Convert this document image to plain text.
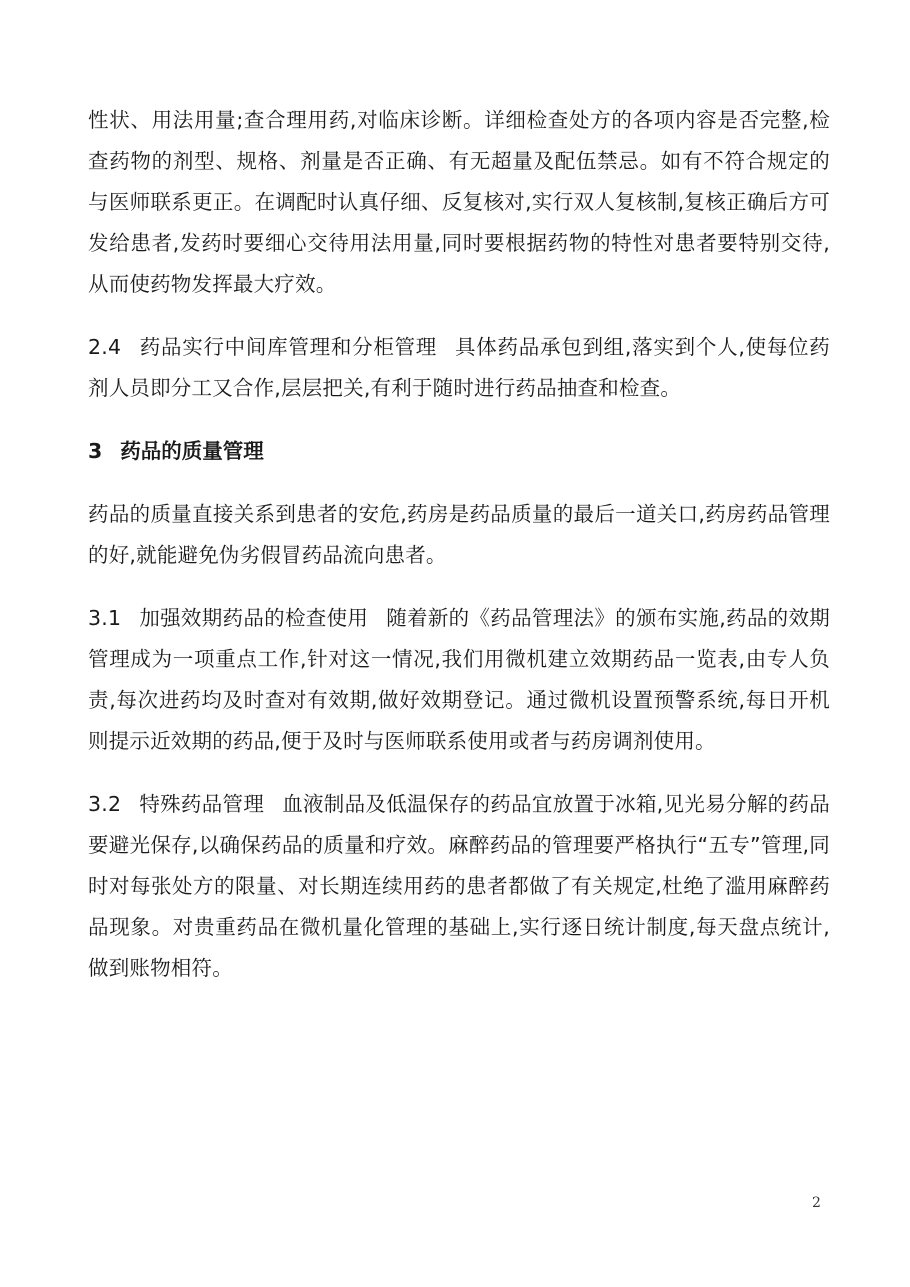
性状、用法用量;查合理用药,对临床诊断。详细检查处方的各项内容是否完整,检查药物的剂型、规格、剂量是否正确、有无超量及配伍禁忌。如有不符合规定的与医师联系更正。在调配时认真仔细、反复核对,实行双人复核制,复核正确后方可发给患者,发药时要细心交待用法用量,同时要根据药物的特性对患者要特别交待,从而使药物发挥最大疗效。

2.4 药品实行中间库管理和分柜管理 具体药品承包到组,落实到个人,使每位药剂人员即分工又合作,层层把关,有利于随时进行药品抽查和检查。

3 药品的质量管理

药品的质量直接关系到患者的安危,药房是药品质量的最后一道关口,药房药品管理的好,就能避免伪劣假冒药品流向患者。

3.1 加强效期药品的检查使用 随着新的《药品管理法》的颁布实施,药品的效期管理成为一项重点工作,针对这一情况,我们用微机建立效期药品一览表,由专人负责,每次进药均及时查对有效期,做好效期登记。通过微机设置预警系统,每日开机则提示近效期的药品,便于及时与医师联系使用或者与药房调剂使用。

3.2 特殊药品管理 血液制品及低温保存的药品宜放置于冰箱,见光易分解的药品要避光保存,以确保药品的质量和疗效。麻醉药品的管理要严格执行“五专”管理,同时对每张处方的限量、对长期连续用药的患者都做了有关规定,杜绝了滥用麻醉药品现象。对贵重药品在微机量化管理的基础上,实行逐日统计制度,每天盘点统计,做到账物相符。

2
